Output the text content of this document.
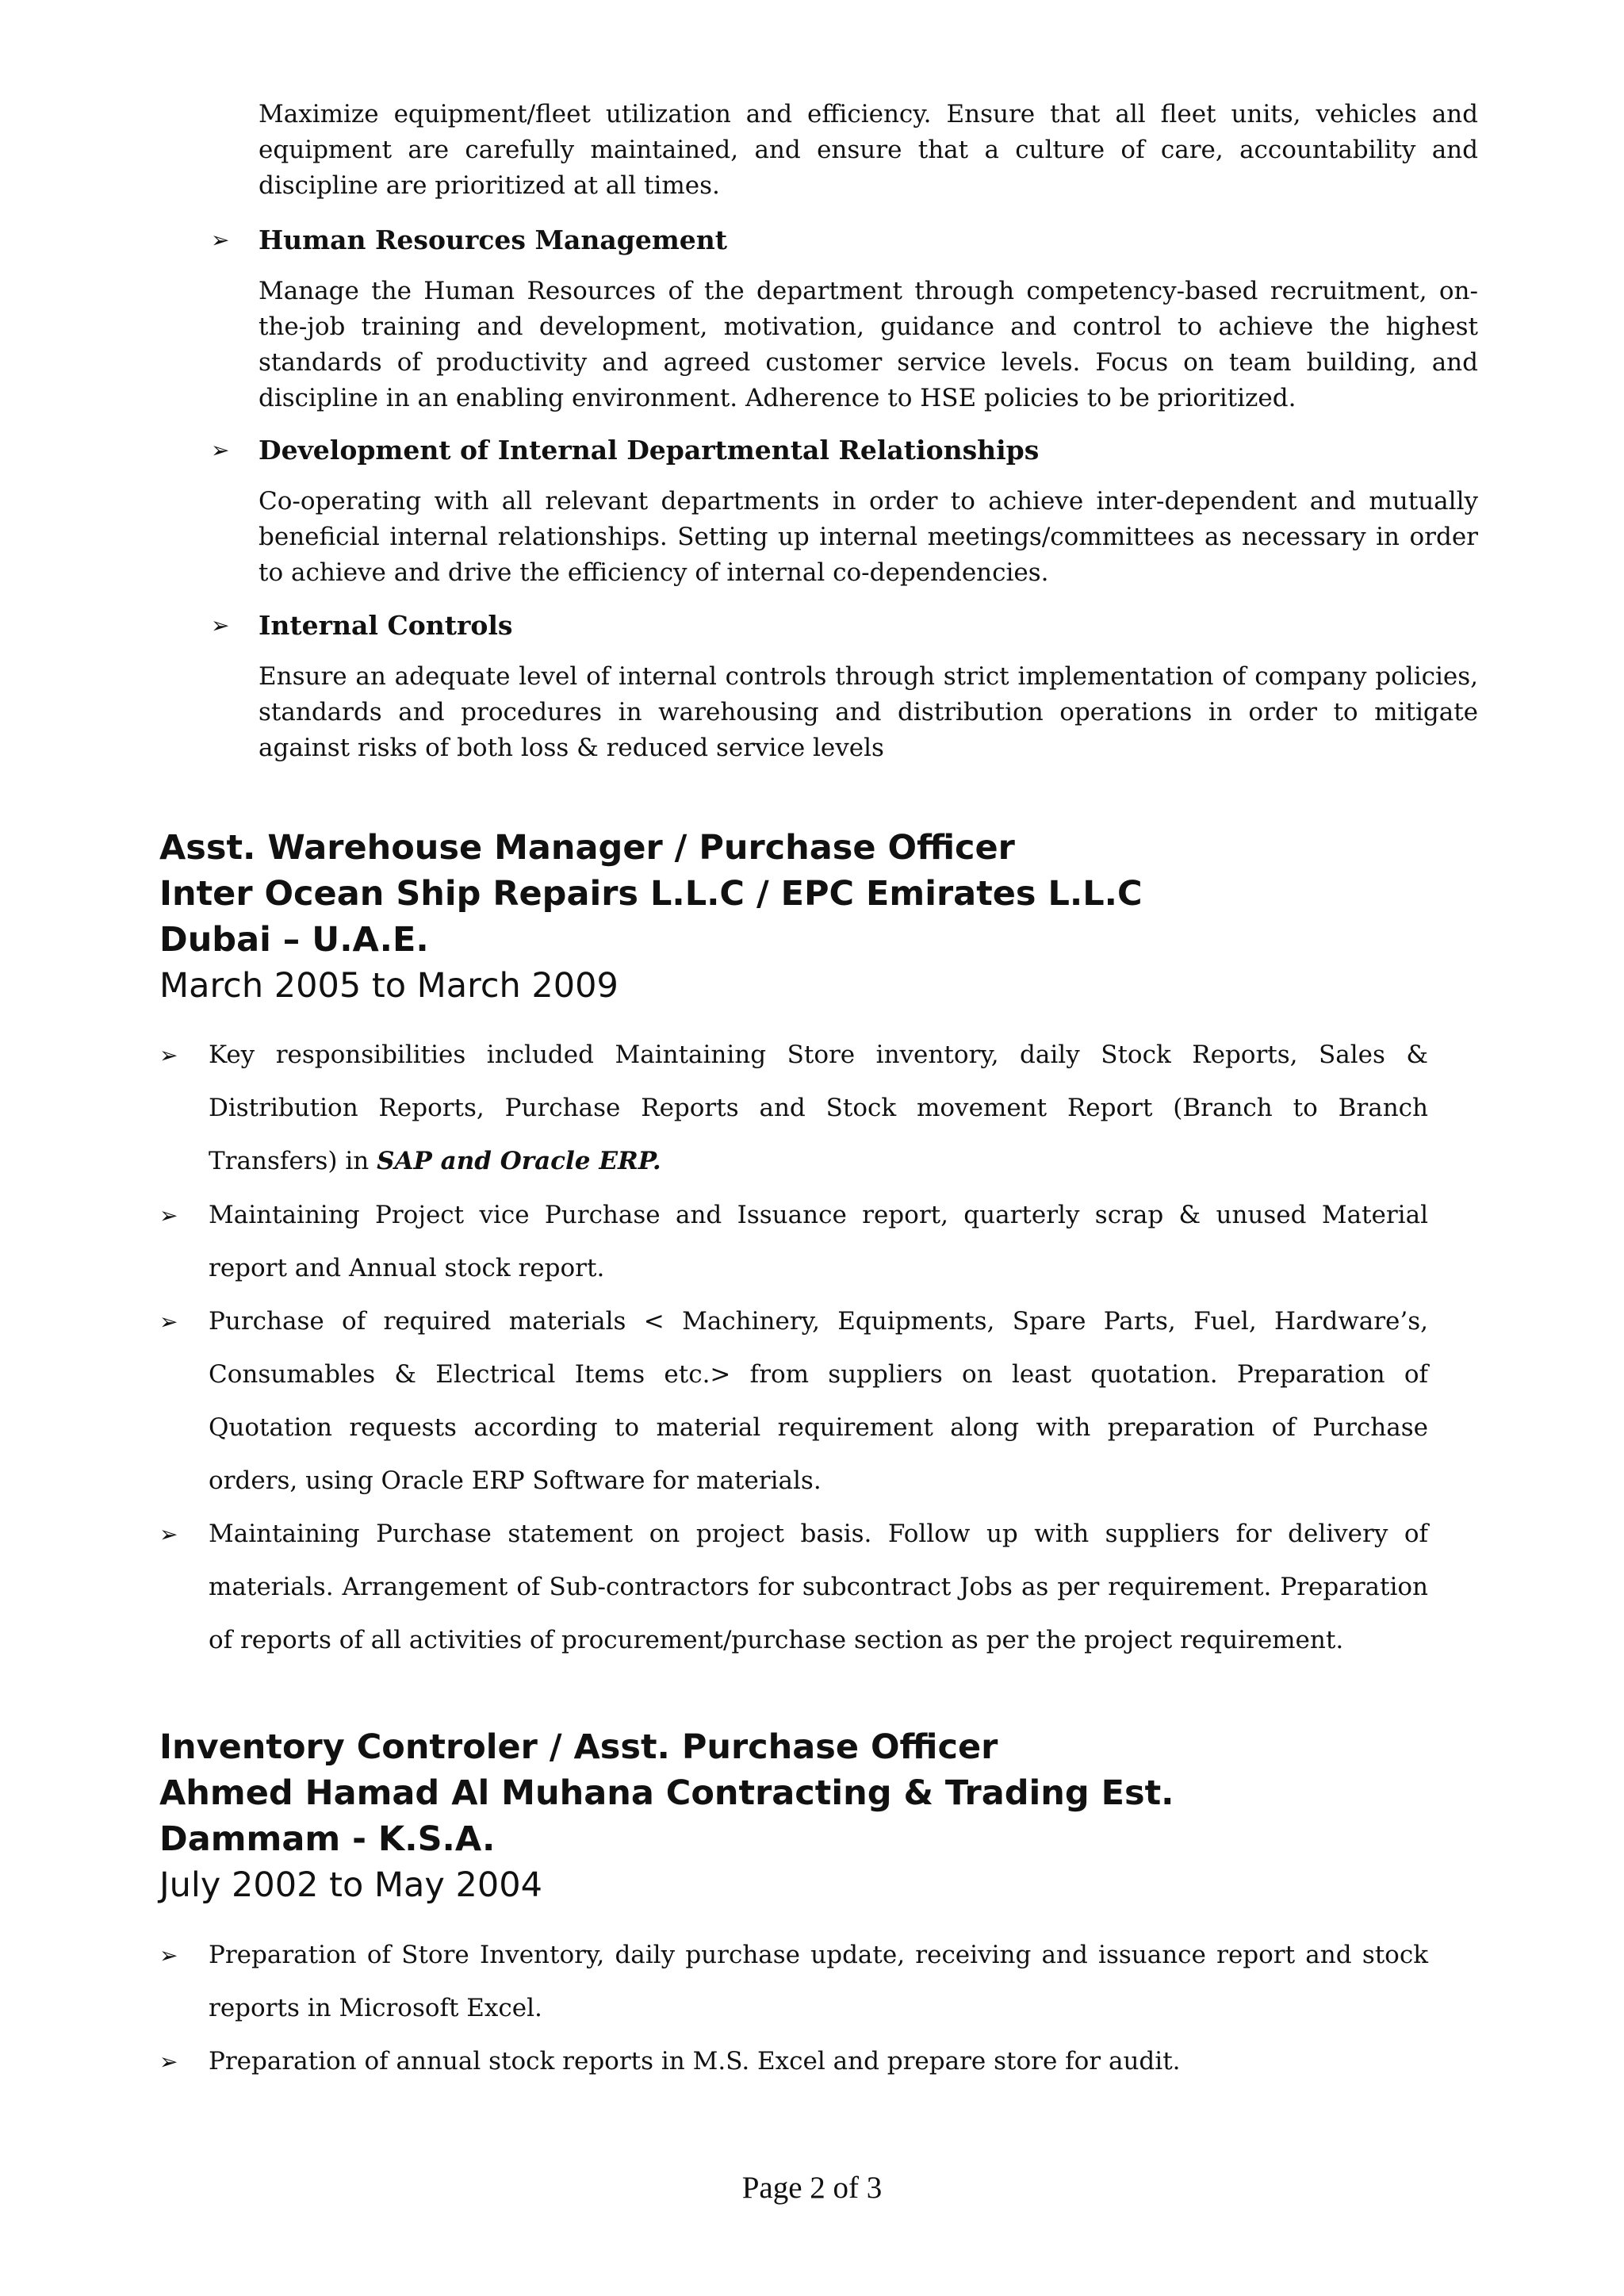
Maximize equipment/fleet utilization and efficiency. Ensure that all fleet units, vehicles and equipment are carefully maintained, and ensure that a culture of care, accountability and discipline are prioritized at all times.
➢ Human Resources Management
Manage the Human Resources of the department through competency-based recruitment, on-the-job training and development, motivation, guidance and control to achieve the highest standards of productivity and agreed customer service levels. Focus on team building, and discipline in an enabling environment. Adherence to HSE policies to be prioritized.
➢ Development of Internal Departmental Relationships
Co-operating with all relevant departments in order to achieve inter-dependent and mutually beneficial internal relationships. Setting up internal meetings/committees as necessary in order to achieve and drive the efficiency of internal co-dependencies.
➢ Internal Controls
Ensure an adequate level of internal controls through strict implementation of company policies, standards and procedures in warehousing and distribution operations in order to mitigate against risks of both loss & reduced service levels
Asst. Warehouse Manager / Purchase Officer
Inter Ocean Ship Repairs L.L.C / EPC Emirates L.L.C
Dubai – U.A.E.
March 2005 to March 2009
➢ Key responsibilities included Maintaining Store inventory, daily Stock Reports, Sales & Distribution Reports, Purchase Reports and Stock movement Report (Branch to Branch Transfers) in SAP and Oracle ERP.
➢ Maintaining Project vice Purchase and Issuance report, quarterly scrap & unused Material report and Annual stock report.
➢ Purchase of required materials < Machinery, Equipments, Spare Parts, Fuel, Hardware’s, Consumables & Electrical Items etc.> from suppliers on least quotation. Preparation of Quotation requests according to material requirement along with preparation of Purchase orders, using Oracle ERP Software for materials.
➢ Maintaining Purchase statement on project basis. Follow up with suppliers for delivery of materials. Arrangement of Sub-contractors for subcontract Jobs as per requirement. Preparation of reports of all activities of procurement/purchase section as per the project requirement.
Inventory Controler / Asst. Purchase Officer
Ahmed Hamad Al Muhana Contracting & Trading Est.
Dammam - K.S.A.
July 2002 to May 2004
➢ Preparation of Store Inventory, daily purchase update, receiving and issuance report and stock reports in Microsoft Excel.
➢ Preparation of annual stock reports in M.S. Excel and prepare store for audit.
Page 2 of 3
